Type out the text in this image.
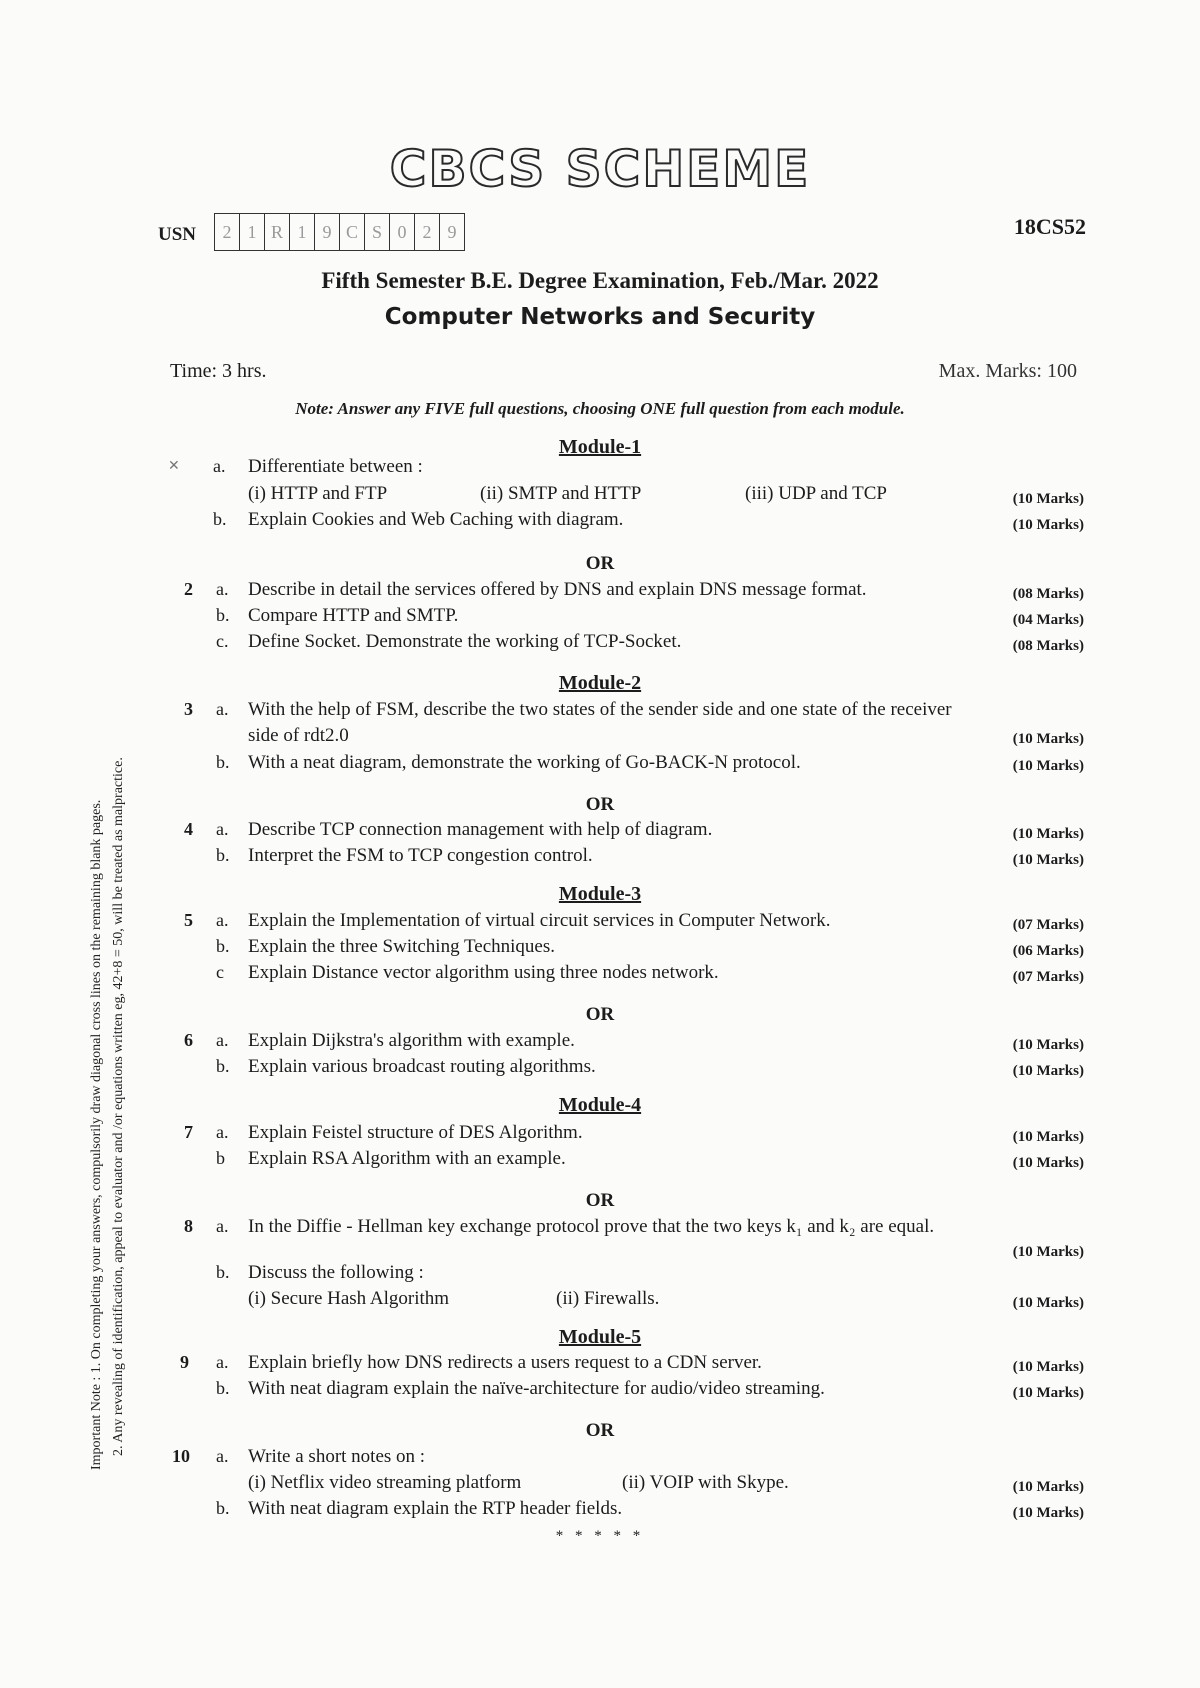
CBCS SCHEME
USN	2 1 R 1 9 C S 0 2 9	18CS52
Fifth Semester B.E. Degree Examination, Feb./Mar. 2022
Computer Networks and Security
Time: 3 hrs.	Max. Marks: 100
Note: Answer any FIVE full questions, choosing ONE full question from each module.
Important Note : 1. On completing your answers, compulsorily draw diagonal cross lines on the remaining blank pages. 2. Any revealing of identification, appeal to evaluator and /or equations written eg, 42+8 = 50, will be treated as malpractice.
Module-1
✕ a. Differentiate between :
(i) HTTP and FTP	(ii) SMTP and HTTP	(iii) UDP and TCP	(10 Marks)
b. Explain Cookies and Web Caching with diagram.	(10 Marks)
OR
2 a. Describe in detail the services offered by DNS and explain DNS message format.	(08 Marks)
b. Compare HTTP and SMTP.	(04 Marks)
c. Define Socket. Demonstrate the working of TCP-Socket.	(08 Marks)
Module-2
3 a. With the help of FSM, describe the two states of the sender side and one state of the receiver
side of rdt2.0	(10 Marks)
b. With a neat diagram, demonstrate the working of Go-BACK-N protocol.	(10 Marks)
OR
4 a. Describe TCP connection management with help of diagram.	(10 Marks)
b. Interpret the FSM to TCP congestion control.	(10 Marks)
Module-3
5 a. Explain the Implementation of virtual circuit services in Computer Network.	(07 Marks)
b. Explain the three Switching Techniques.	(06 Marks)
c Explain Distance vector algorithm using three nodes network.	(07 Marks)
OR
6 a. Explain Dijkstra's algorithm with example.	(10 Marks)
b. Explain various broadcast routing algorithms.	(10 Marks)
Module-4
7 a. Explain Feistel structure of DES Algorithm.	(10 Marks)
b Explain RSA Algorithm with an example.	(10 Marks)
OR
8 a. In the Diffie - Hellman key exchange protocol prove that the two keys k₁ and k₂ are equal.
(10 Marks)
b. Discuss the following :
(i) Secure Hash Algorithm	(ii) Firewalls.	(10 Marks)
Module-5
9 a. Explain briefly how DNS redirects a users request to a CDN server.	(10 Marks)
b. With neat diagram explain the naïve-architecture for audio/video streaming.	(10 Marks)
OR
10 a. Write a short notes on :
(i) Netflix video streaming platform	(ii) VOIP with Skype.	(10 Marks)
b. With neat diagram explain the RTP header fields.	(10 Marks)
* * * * *
